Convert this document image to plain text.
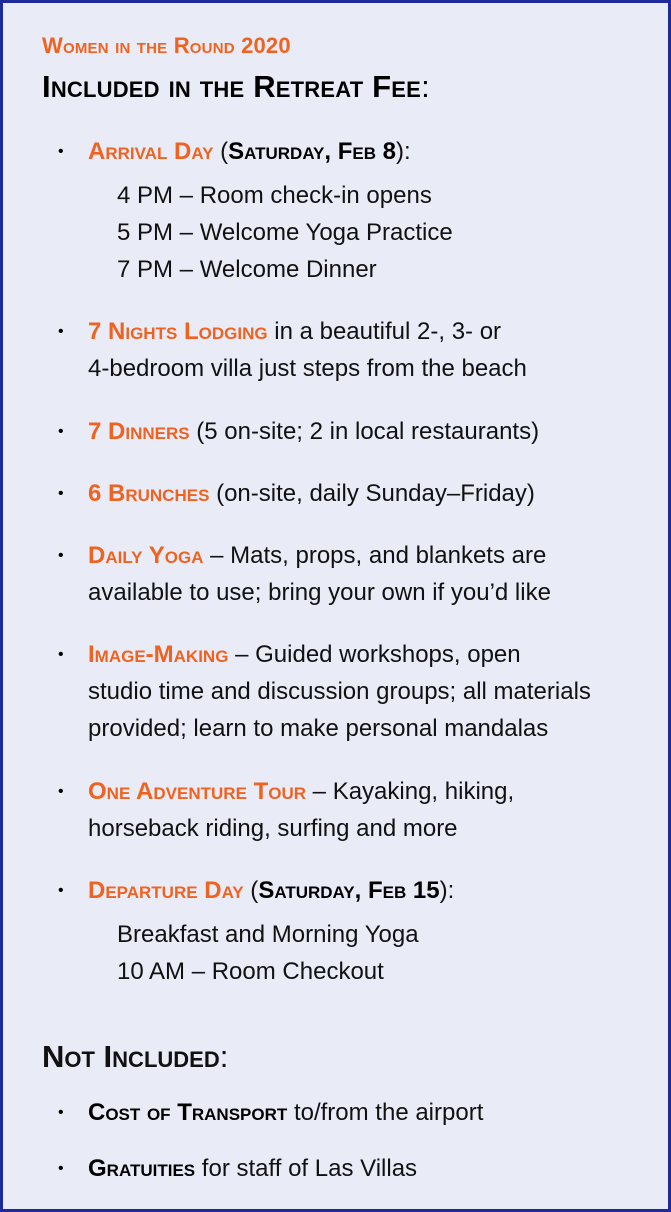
Women in the Round 2020
Included in the Retreat Fee:
• Arrival Day (Saturday, Feb 8):
4 PM – Room check-in opens
5 PM – Welcome Yoga Practice
7 PM – Welcome Dinner
• 7 Nights Lodging in a beautiful 2-, 3- or
4-bedroom villa just steps from the beach
• 7 Dinners (5 on-site; 2 in local restaurants)
• 6 Brunches (on-site, daily Sunday–Friday)
• Daily Yoga – Mats, props, and blankets are
available to use; bring your own if you’d like
• Image-Making – Guided workshops, open
studio time and discussion groups; all materials
provided; learn to make personal mandalas
• One Adventure Tour – Kayaking, hiking,
horseback riding, surfing and more
• Departure Day (Saturday, Feb 15):
Breakfast and Morning Yoga
10 AM – Room Checkout
Not Included:
• Cost of Transport to/from the airport
• Gratuities for staff of Las Villas
